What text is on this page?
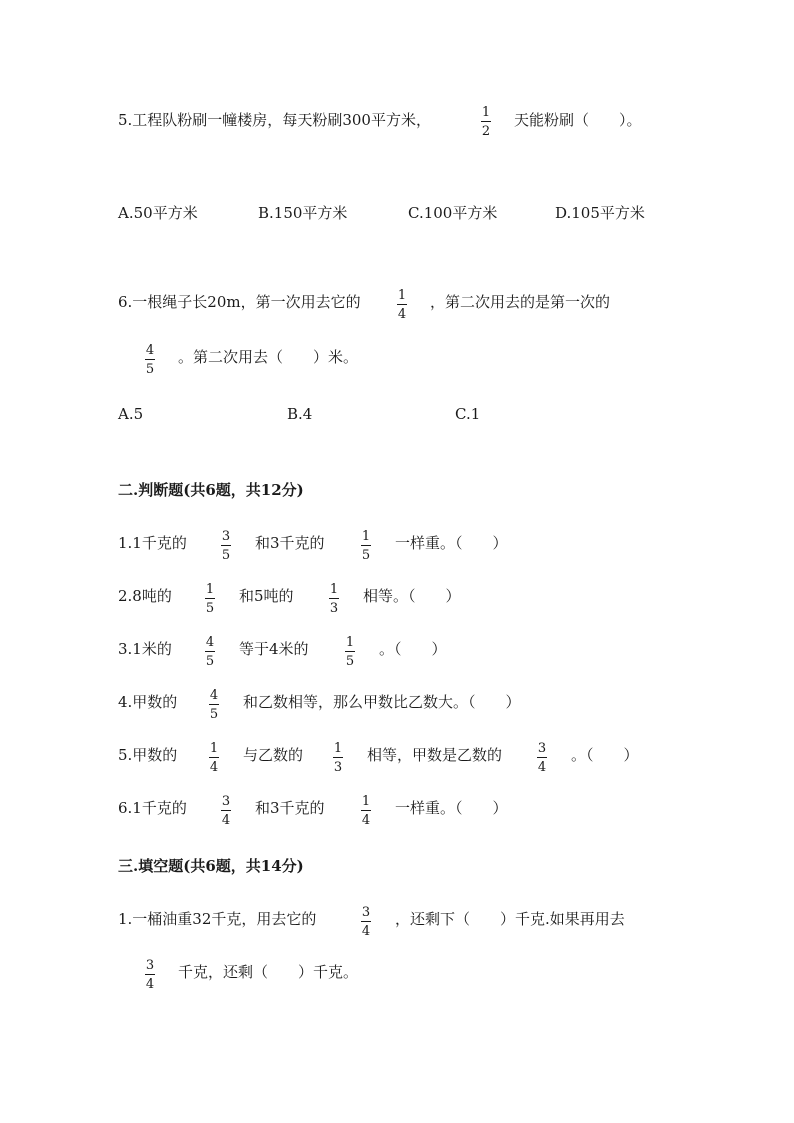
5.工程队粉刷一幢楼房，每天粉刷300平方米，	1
2
天能粉刷（　　）。
A.50平方米	B.150平方米	C.100平方米	D.105平方米
6.一根绳子长20m，第一次用去它的	1
4
，第二次用去的是第一次的
4
5
。第二次用去（　　）米。
A.5	B.4	C.1
二.判断题(共6题，共12分)
1.1千克的	3
5
和3千克的	1
5
一样重。（　　）
2.8吨的	1
5
和5吨的	1
3
相等。（　　）
3.1米的	4
5
等于4米的	1
5
。（　　）
4.甲数的	4
5
和乙数相等，那么甲数比乙数大。（　　）
5.甲数的	1
4
与乙数的 1
3
相等，甲数是乙数的	3
4
。（　　）
6.1千克的	3
4
和3千克的	1
4
一样重。（　　）
三.填空题(共6题，共14分)
1.一桶油重32千克，用去它的	3
4
，还剩下（　　）千克.如果再用去
3
4
千克，还剩（　　）千克。
